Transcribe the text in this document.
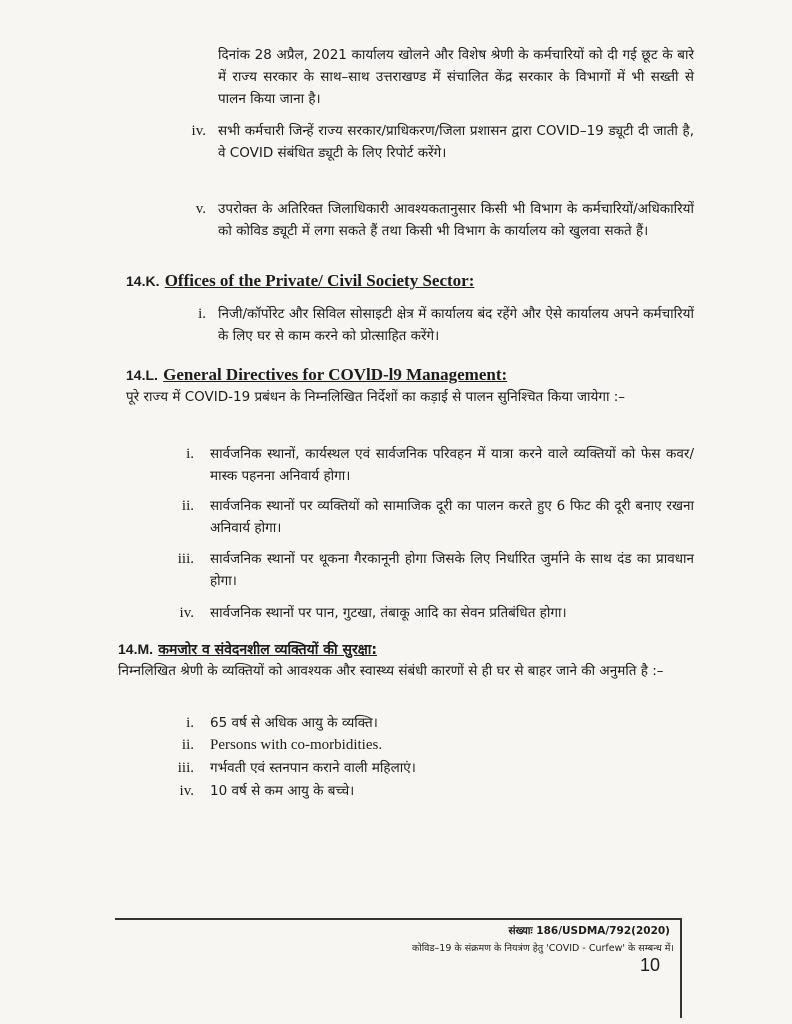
दिनांक 28 अप्रैल, 2021 कार्यालय खोलने और विशेष श्रेणी के कर्मचारियों को दी गई छूट के बारे में राज्य सरकार के साथ–साथ उत्तराखण्ड में संचालित केंद्र सरकार के विभागों में भी सख्ती से पालन किया जाना है।
iv. सभी कर्मचारी जिन्हें राज्य सरकार/प्राधिकरण/जिला प्रशासन द्वारा COVID–19 ड्यूटी दी जाती है, वे COVID संबंधित ड्यूटी के लिए रिपोर्ट करेंगे।
v. उपरोक्त के अतिरिक्त जिलाधिकारी आवश्यकतानुसार किसी भी विभाग के कर्मचारियों/अधिकारियों को कोविड ड्यूटी में लगा सकते हैं तथा किसी भी विभाग के कार्यालय को खुलवा सकते हैं।
14.K. Offices of the Private/ Civil Society Sector:
i. निजी/कॉर्पोरेट और सिविल सोसाइटी क्षेत्र में कार्यालय बंद रहेंगे और ऐसे कार्यालय अपने कर्मचारियों के लिए घर से काम करने को प्रोत्साहित करेंगे।
14.L. General Directives for COVlD-l9 Management:
पूरे राज्य में COVID-19 प्रबंधन के निम्नलिखित निर्देशों का कड़ाई से पालन सुनिश्चित किया जायेगा :–
i. सार्वजनिक स्थानों, कार्यस्थल एवं सार्वजनिक परिवहन में यात्रा करने वाले व्यक्तियों को फेस कवर/मास्क पहनना अनिवार्य होगा।
ii. सार्वजनिक स्थानों पर व्यक्तियों को सामाजिक दूरी का पालन करते हुए 6 फिट की दूरी बनाए रखना अनिवार्य होगा।
iii. सार्वजनिक स्थानों पर थूकना गैरकानूनी होगा जिसके लिए निर्धारित जुर्माने के साथ दंड का प्रावधान होगा।
iv. सार्वजनिक स्थानों पर पान, गुटखा, तंबाकू आदि का सेवन प्रतिबंधित होगा।
14.M. कमजोर व संवेदनशील व्यक्तियों की सुरक्षा:
निम्नलिखित श्रेणी के व्यक्तियों को आवश्यक और स्वास्थ्य संबंधी कारणों से ही घर से बाहर जाने की अनुमति है :–
i. 65 वर्ष से अधिक आयु के व्यक्ति।
ii. Persons with co-morbidities.
iii. गर्भवती एवं स्तनपान कराने वाली महिलाएं।
iv. 10 वर्ष से कम आयु के बच्चे।
संख्याः 186/USDMA/792(2020)
कोविड–19 के संक्रमण के नियत्रंण हेतु 'COVID - Curfew' के सम्बन्ध में।
10
